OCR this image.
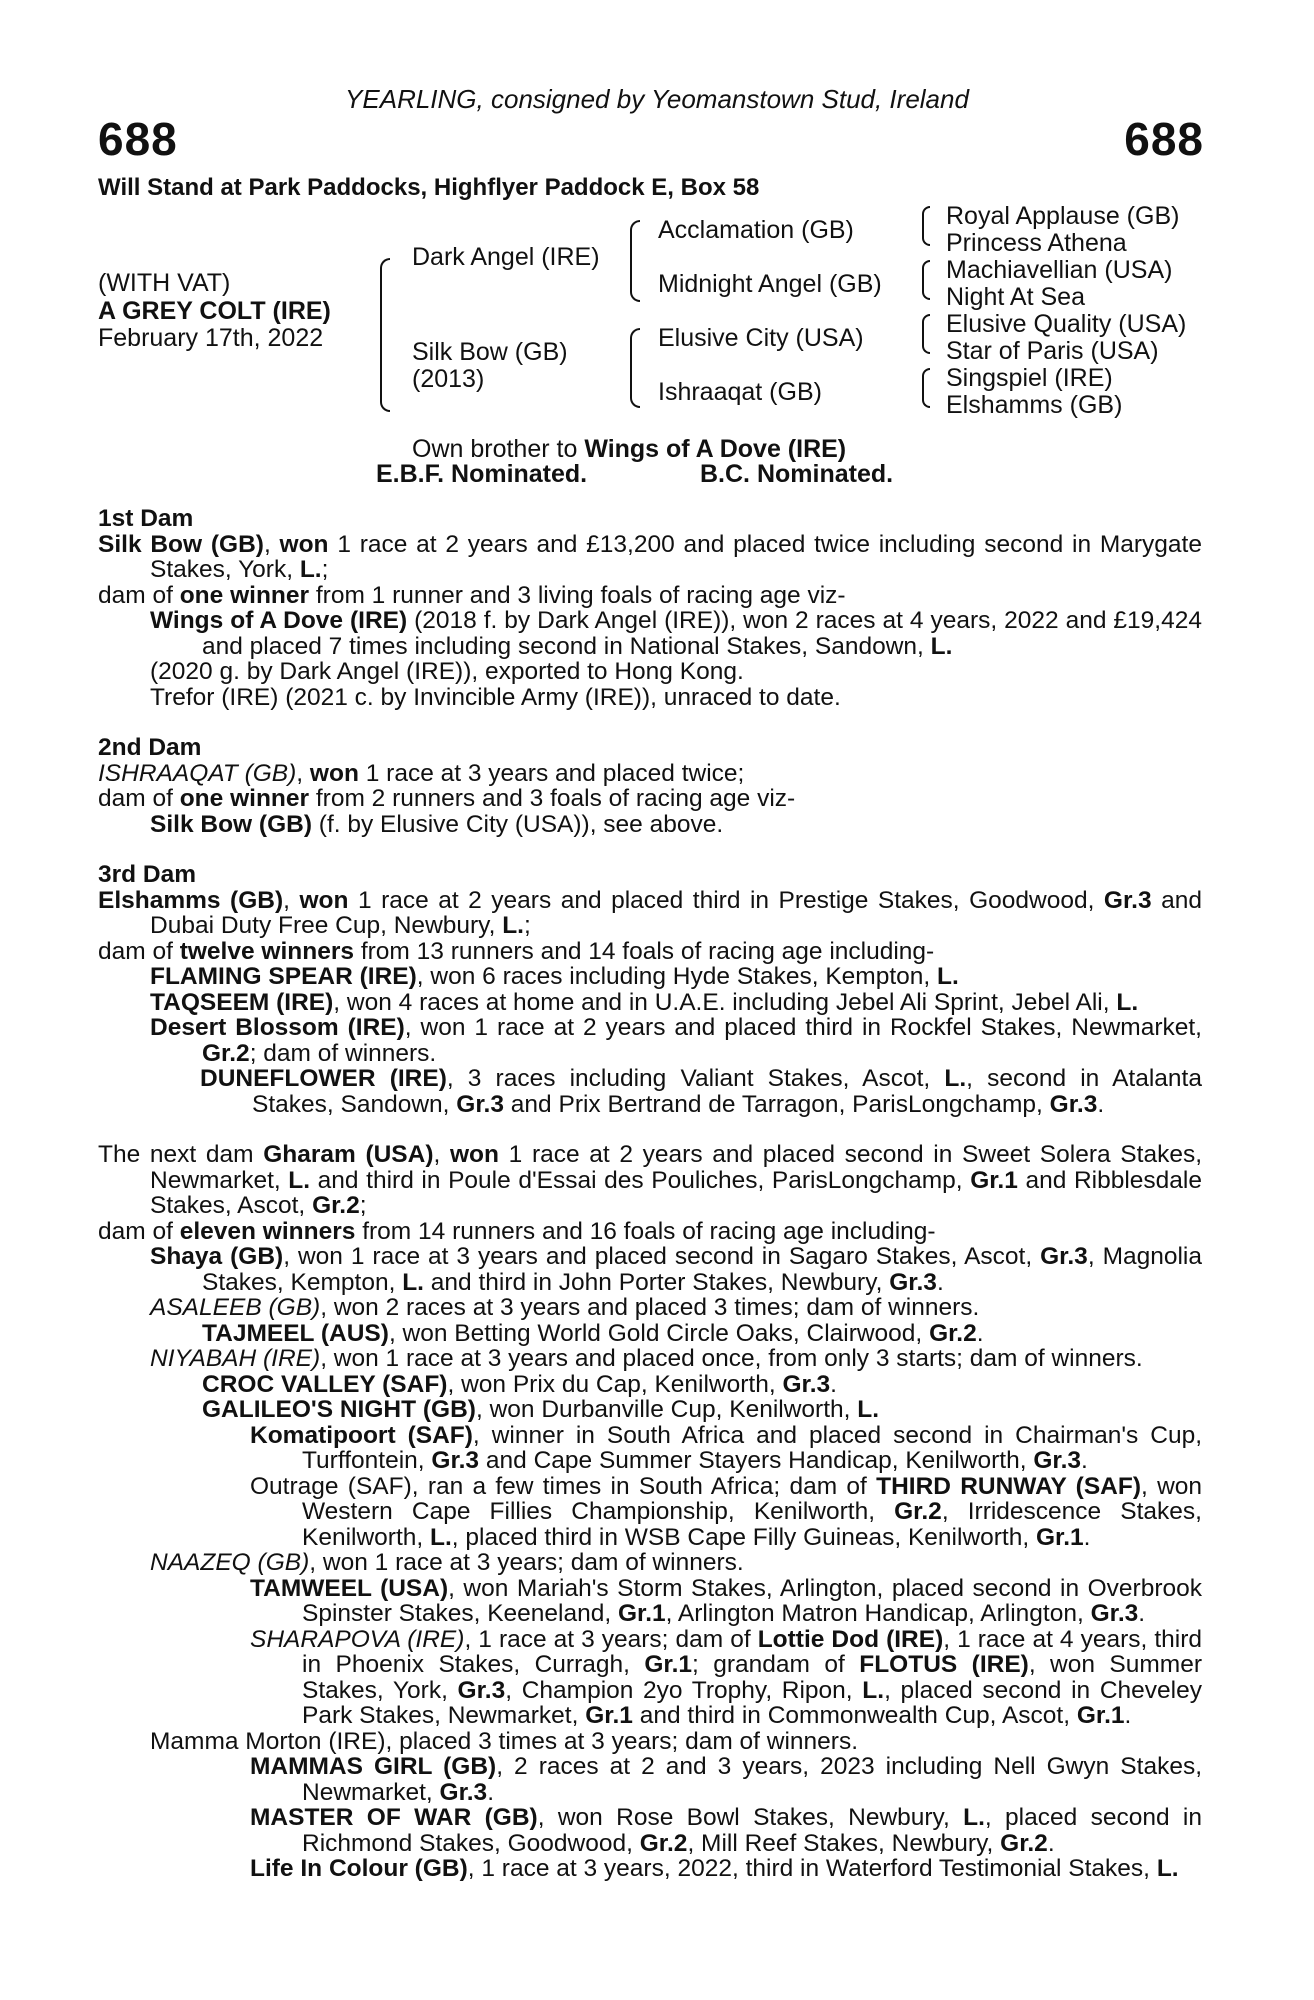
YEARLING, consigned by Yeomanstown Stud, Ireland
688	688
Will Stand at Park Paddocks, Highflyer Paddock E, Box 58
(WITH VAT)
A GREY COLT (IRE)
February 17th, 2022
Dark Angel (IRE)
Silk Bow (GB)
(2013)
Acclamation (GB)
Midnight Angel (GB)
Elusive City (USA)
Ishraaqat (GB)
Royal Applause (GB)
Princess Athena
Machiavellian (USA)
Night At Sea
Elusive Quality (USA)
Star of Paris (USA)
Singspiel (IRE)
Elshamms (GB)
Own brother to Wings of A Dove (IRE)
E.B.F. Nominated.	B.C. Nominated.

1st Dam

Silk Bow (GB), won 1 race at 2 years and £13,200 and placed twice including second in Marygate Stakes, York, L.;

dam of one winner from 1 runner and 3 living foals of racing age viz-

Wings of A Dove (IRE) (2018 f. by Dark Angel (IRE)), won 2 races at 4 years, 2022 and £19,424 and placed 7 times including second in National Stakes, Sandown, L.

(2020 g. by Dark Angel (IRE)), exported to Hong Kong.

Trefor (IRE) (2021 c. by Invincible Army (IRE)), unraced to date.

2nd Dam

ISHRAAQAT (GB), won 1 race at 3 years and placed twice;

dam of one winner from 2 runners and 3 foals of racing age viz-

Silk Bow (GB) (f. by Elusive City (USA)), see above.

3rd Dam

Elshamms (GB), won 1 race at 2 years and placed third in Prestige Stakes, Goodwood, Gr.3 and Dubai Duty Free Cup, Newbury, L.;

dam of twelve winners from 13 runners and 14 foals of racing age including-

FLAMING SPEAR (IRE), won 6 races including Hyde Stakes, Kempton, L.

TAQSEEM (IRE), won 4 races at home and in U.A.E. including Jebel Ali Sprint, Jebel Ali, L.

Desert Blossom (IRE), won 1 race at 2 years and placed third in Rockfel Stakes, Newmarket, Gr.2; dam of winners.

DUNEFLOWER (IRE), 3 races including Valiant Stakes, Ascot, L., second in Atalanta Stakes, Sandown, Gr.3 and Prix Bertrand de Tarragon, ParisLongchamp, Gr.3.

The next dam Gharam (USA), won 1 race at 2 years and placed second in Sweet Solera Stakes, Newmarket, L. and third in Poule d'Essai des Pouliches, ParisLongchamp, Gr.1 and Ribblesdale Stakes, Ascot, Gr.2;

dam of eleven winners from 14 runners and 16 foals of racing age including-

Shaya (GB), won 1 race at 3 years and placed second in Sagaro Stakes, Ascot, Gr.3, Magnolia Stakes, Kempton, L. and third in John Porter Stakes, Newbury, Gr.3.

ASALEEB (GB), won 2 races at 3 years and placed 3 times; dam of winners.

TAJMEEL (AUS), won Betting World Gold Circle Oaks, Clairwood, Gr.2.

NIYABAH (IRE), won 1 race at 3 years and placed once, from only 3 starts; dam of winners.

CROC VALLEY (SAF), won Prix du Cap, Kenilworth, Gr.3.

GALILEO'S NIGHT (GB), won Durbanville Cup, Kenilworth, L.

Komatipoort (SAF), winner in South Africa and placed second in Chairman's Cup, Turffontein, Gr.3 and Cape Summer Stayers Handicap, Kenilworth, Gr.3.

Outrage (SAF), ran a few times in South Africa; dam of THIRD RUNWAY (SAF), won Western Cape Fillies Championship, Kenilworth, Gr.2, Irridescence Stakes, Kenilworth, L., placed third in WSB Cape Filly Guineas, Kenilworth, Gr.1.

NAAZEQ (GB), won 1 race at 3 years; dam of winners.

TAMWEEL (USA), won Mariah's Storm Stakes, Arlington, placed second in Overbrook Spinster Stakes, Keeneland, Gr.1, Arlington Matron Handicap, Arlington, Gr.3.

SHARAPOVA (IRE), 1 race at 3 years; dam of Lottie Dod (IRE), 1 race at 4 years, third in Phoenix Stakes, Curragh, Gr.1; grandam of FLOTUS (IRE), won Summer Stakes, York, Gr.3, Champion 2yo Trophy, Ripon, L., placed second in Cheveley Park Stakes, Newmarket, Gr.1 and third in Commonwealth Cup, Ascot, Gr.1.

Mamma Morton (IRE), placed 3 times at 3 years; dam of winners.

MAMMAS GIRL (GB), 2 races at 2 and 3 years, 2023 including Nell Gwyn Stakes, Newmarket, Gr.3.

MASTER OF WAR (GB), won Rose Bowl Stakes, Newbury, L., placed second in Richmond Stakes, Goodwood, Gr.2, Mill Reef Stakes, Newbury, Gr.2.

Life In Colour (GB), 1 race at 3 years, 2022, third in Waterford Testimonial Stakes, L.
